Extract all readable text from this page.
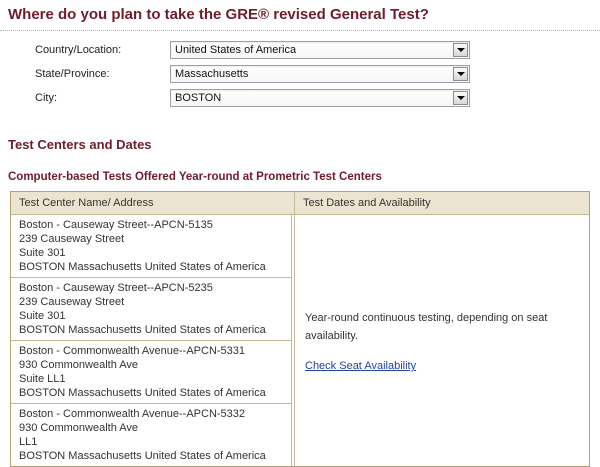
Where do you plan to take the GRE® revised General Test?
Country/Location:	United States of America
State/Province:	Massachusetts
City:	BOSTON
Test Centers and Dates
Computer-based Tests Offered Year-round at Prometric Test Centers
Test Center Name/ Address	Test Dates and Availability
Boston - Causeway Street--APCN-5135
239 Causeway Street
Suite 301
BOSTON Massachusetts United States of America
Boston - Causeway Street--APCN-5235
239 Causeway Street
Suite 301
BOSTON Massachusetts United States of America
Boston - Commonwealth Avenue--APCN-5331
930 Commonwealth Ave
Suite LL1
BOSTON Massachusetts United States of America
Boston - Commonwealth Avenue--APCN-5332
930 Commonwealth Ave
LL1
BOSTON Massachusetts United States of America
Year-round continuous testing, depending on seat availability.
Check Seat Availability
